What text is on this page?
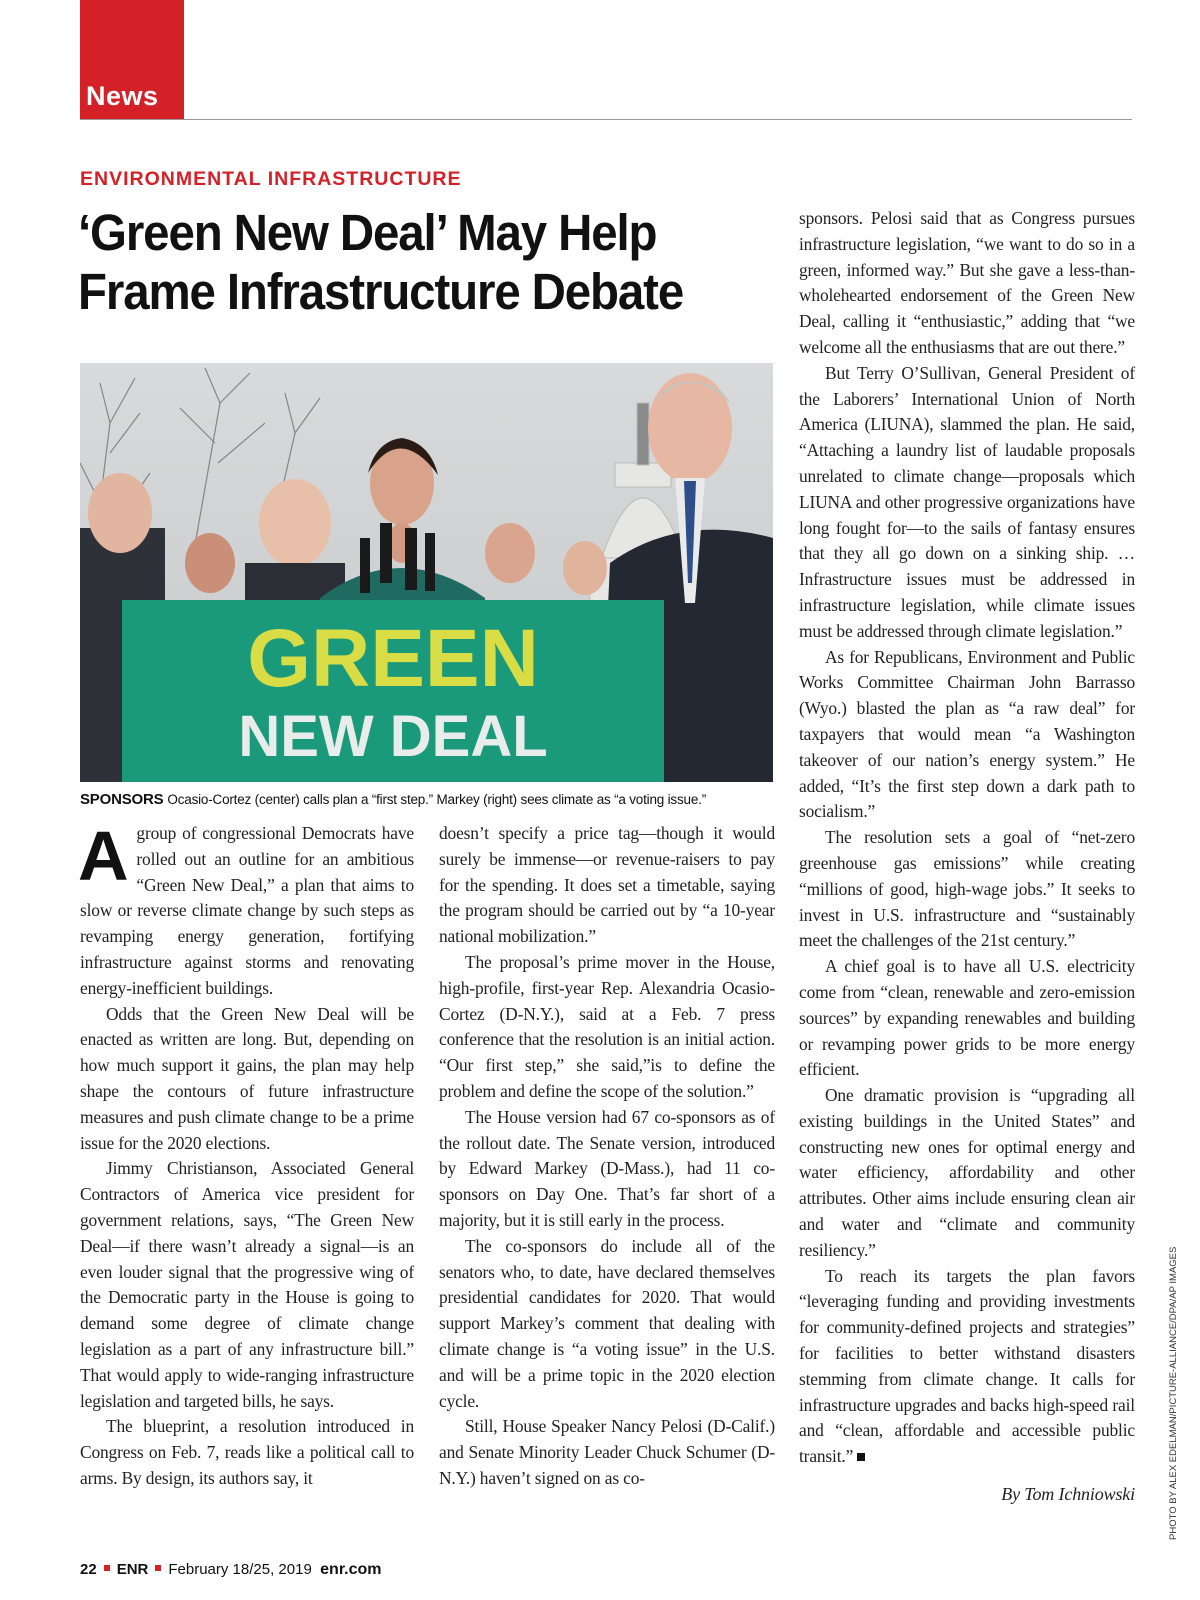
News
ENVIRONMENTAL INFRASTRUCTURE
‘Green New Deal’ May Help Frame Infrastructure Debate
GREEN
NEW DEAL
SPONSORS Ocasio-Cortez (center) calls plan a “first step.” Markey (right) sees climate as “a voting issue.”

Agroup of congressional Democrats have rolled out an outline for an ambitious “Green New Deal,” a plan that aims to slow or reverse climate change by such steps as revamping energy generation, fortifying infrastructure against storms and renovating energy-inefficient buildings.

Odds that the Green New Deal will be enacted as written are long. But, depending on how much support it gains, the plan may help shape the contours of future infrastructure measures and push climate change to be a prime issue for the 2020 elections.

Jimmy Christianson, Associated General Contractors of America vice president for government relations, says, “The Green New Deal—if there wasn’t already a signal—is an even louder signal that the progressive wing of the Democratic party in the House is going to demand some degree of climate change legislation as a part of any infrastructure bill.” That would apply to wide-ranging infrastructure legislation and targeted bills, he says.

The blueprint, a resolution introduced in Congress on Feb. 7, reads like a political call to arms. By design, its authors say, it

doesn’t specify a price tag—though it would surely be immense—or revenue-raisers to pay for the spending. It does set a timetable, saying the program should be carried out by “a 10-year national mobilization.”

The proposal’s prime mover in the House, high-profile, first-year Rep. Alexandria Ocasio-Cortez (D-N.Y.), said at a Feb. 7 press conference that the resolution is an initial action. “Our first step,” she said,”is to define the problem and define the scope of the solution.”

The House version had 67 co-sponsors as of the rollout date. The Senate version, introduced by Edward Markey (D-Mass.), had 11 co-sponsors on Day One. That’s far short of a majority, but it is still early in the process.

The co-sponsors do include all of the senators who, to date, have declared themselves presidential candidates for 2020. That would support Markey’s comment that dealing with climate change is “a voting issue” in the U.S. and will be a prime topic in the 2020 election cycle.

Still, House Speaker Nancy Pelosi (D-Calif.) and Senate Minority Leader Chuck Schumer (D-N.Y.) haven’t signed on as co-

sponsors. Pelosi said that as Congress pursues infrastructure legislation, “we want to do so in a green, informed way.” But she gave a less-than-wholehearted endorsement of the Green New Deal, calling it “enthusiastic,” adding that “we welcome all the enthusiasms that are out there.”

But Terry O’Sullivan, General President of the Laborers’ International Union of North America (LIUNA), slammed the plan. He said, “Attaching a laundry list of laudable proposals unrelated to climate change—proposals which LIUNA and other progressive organizations have long fought for—to the sails of fantasy ensures that they all go down on a sinking ship. … Infrastructure issues must be addressed in infrastructure legislation, while climate issues must be addressed through climate legislation.”

As for Republicans, Environment and Public Works Committee Chairman John Barrasso (Wyo.) blasted the plan as “a raw deal” for taxpayers that would mean “a Washington takeover of our nation’s energy system.” He added, “It’s the first step down a dark path to socialism.”

The resolution sets a goal of “net-zero greenhouse gas emissions” while creating “millions of good, high-wage jobs.” It seeks to invest in U.S. infrastructure and “sustainably meet the challenges of the 21st century.”

A chief goal is to have all U.S. electricity come from “clean, renewable and zero-emission sources” by expanding renewables and building or revamping power grids to be more energy efficient.

One dramatic provision is “upgrading all existing buildings in the United States” and constructing new ones for optimal energy and water efficiency, affordability and other attributes. Other aims include ensuring clean air and water and “climate and community resiliency.”

To reach its targets the plan favors “leveraging funding and providing investments for community-defined projects and strategies” for facilities to better withstand disasters stemming from climate change. It calls for infrastructure upgrades and backs high-speed rail and “clean, affordable and accessible public transit.”

By Tom Ichniowski	PHOTO BY ALEX EDELMAN/PICTURE-ALLIANCE/DPA/AP IMAGES
22 ENR February 18/25, 2019 enr.com
